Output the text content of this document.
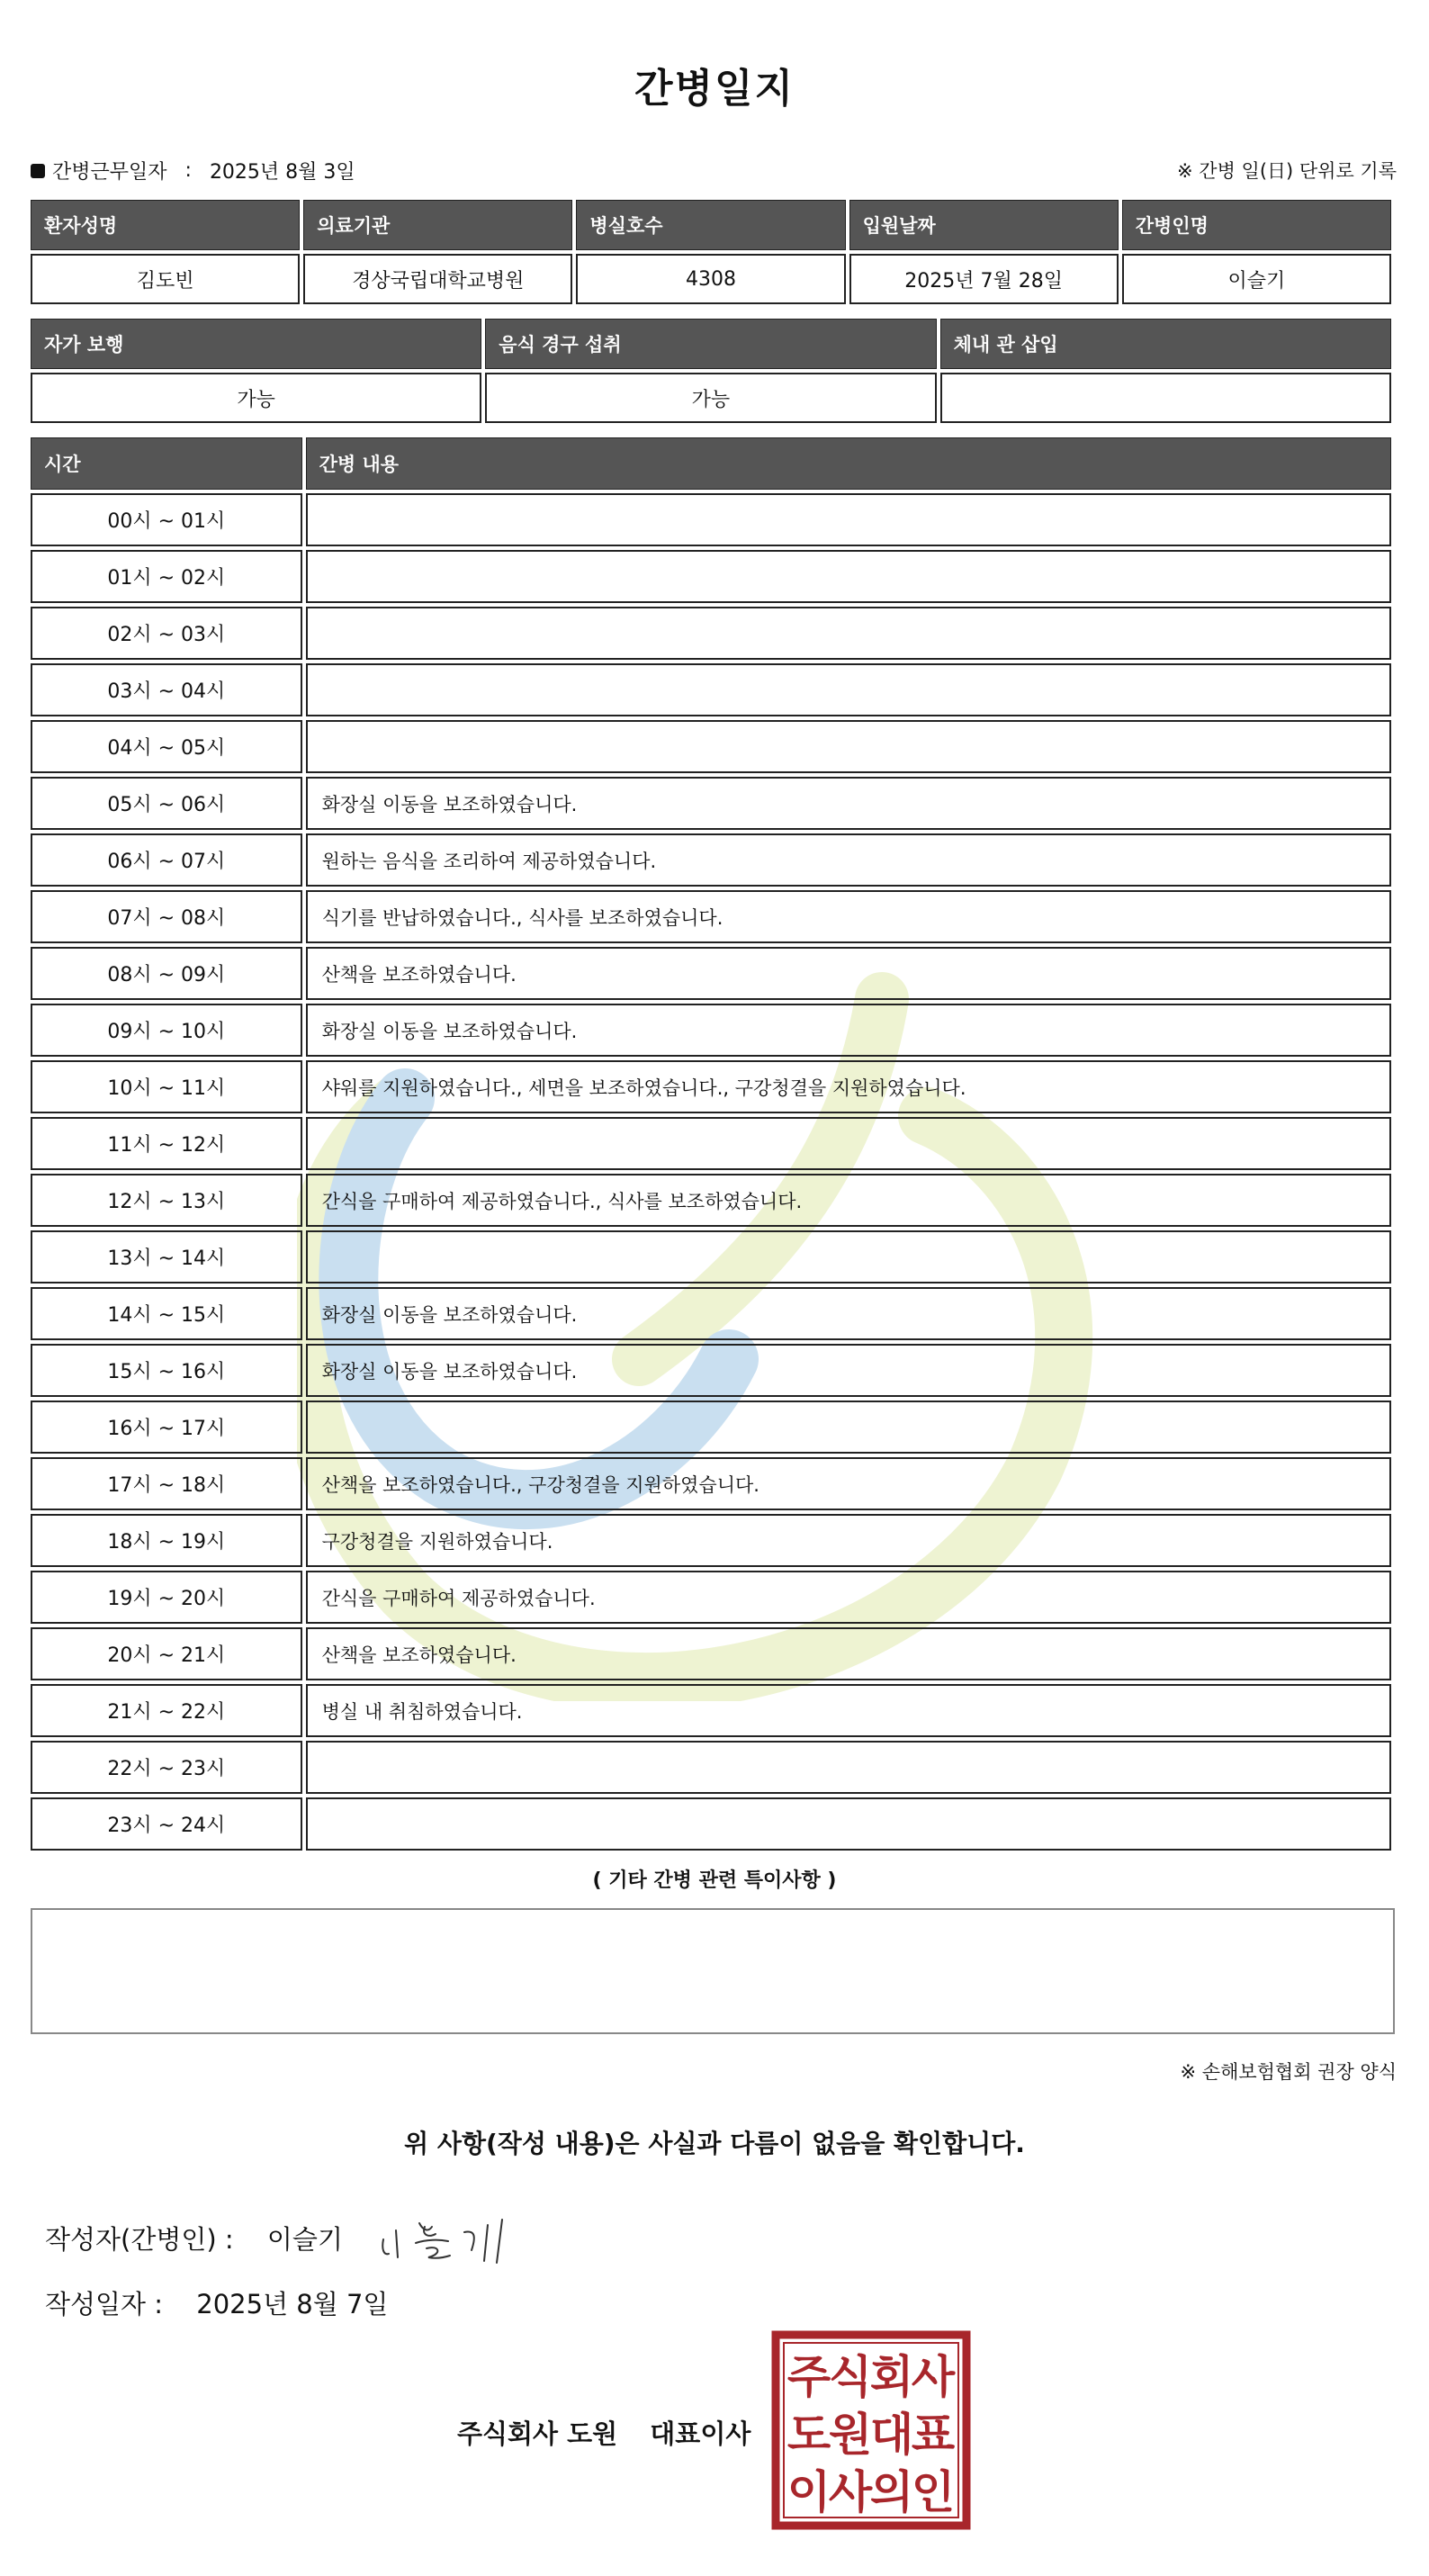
간병일지
간병근무일자 : 2025년 8월 3일	※ 간병 일(日) 단위로 기록
환자성명	의료기관	병실호수	입원날짜	간병인명
김도빈	경상국립대학교병원	4308	2025년 7월 28일	이슬기
자가 보행	음식 경구 섭취	체내 관 삽입
가능	가능	
시간	간병 내용
00시 ~ 01시	
01시 ~ 02시	
02시 ~ 03시	
03시 ~ 04시	
04시 ~ 05시	
05시 ~ 06시	화장실 이동을 보조하였습니다.
06시 ~ 07시	원하는 음식을 조리하여 제공하였습니다.
07시 ~ 08시	식기를 반납하였습니다., 식사를 보조하였습니다.
08시 ~ 09시	산책을 보조하였습니다.
09시 ~ 10시	화장실 이동을 보조하였습니다.
10시 ~ 11시	샤워를 지원하였습니다., 세면을 보조하였습니다., 구강청결을 지원하였습니다.
11시 ~ 12시	
12시 ~ 13시	간식을 구매하여 제공하였습니다., 식사를 보조하였습니다.
13시 ~ 14시	
14시 ~ 15시	화장실 이동을 보조하였습니다.
15시 ~ 16시	화장실 이동을 보조하였습니다.
16시 ~ 17시	
17시 ~ 18시	산책을 보조하였습니다., 구강청결을 지원하였습니다.
18시 ~ 19시	구강청결을 지원하였습니다.
19시 ~ 20시	간식을 구매하여 제공하였습니다.
20시 ~ 21시	산책을 보조하였습니다.
21시 ~ 22시	병실 내 취침하였습니다.
22시 ~ 23시	
23시 ~ 24시	
( 기타 간병 관련 특이사항 )
※ 손해보험협회 권장 양식
위 사항(작성 내용)은 사실과 다름이 없음을 확인합니다.
작성자(간병인) : 이슬기
작성일자 : 2025년 8월 7일
주식회사 도원 대표이사
주
식
회
사
도
원
대
표
이
사
의
인
